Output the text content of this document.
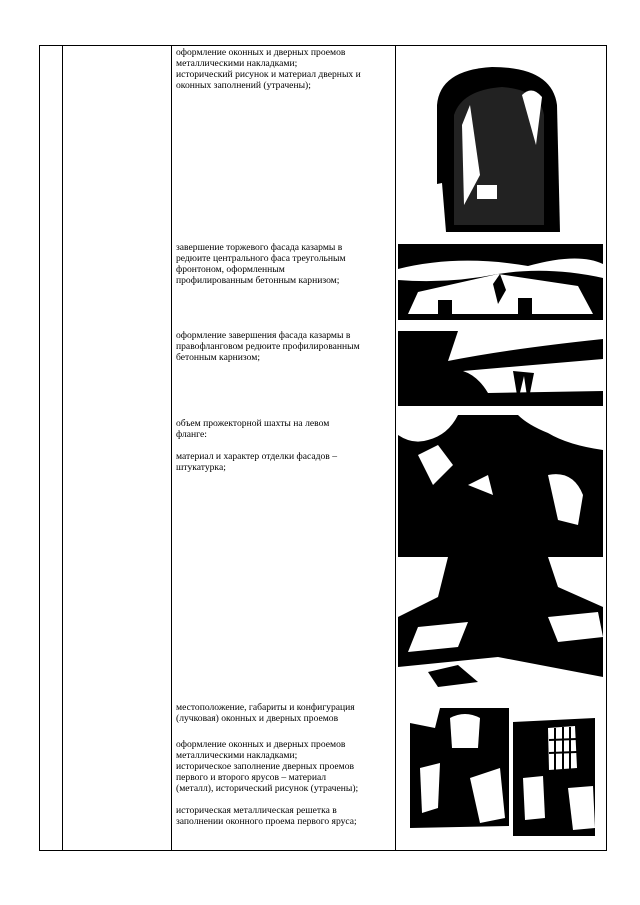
оформление оконных и дверных проемов

металлическими накладками;

исторический рисунок и материал дверных и

оконных заполнений (утрачены);

завершение торжевого фасада казармы в

редюите центрального фаса треугольным

фронтоном, оформленным

профилированным бетонным карнизом;

оформление завершения фасада казармы в

правофланговом редюите профилированным

бетонным карнизом;

объем прожекторной шахты на левом

фланге:

материал и характер отделки фасадов –

штукатурка;

местоположение, габариты и конфигурация

(лучковая) оконных и дверных проемов

оформление оконных и дверных проемов

металлическими накладками;

историческое заполнение дверных проемов

первого и второго ярусов – материал

(металл), исторический рисунок (утрачены);

историческая металлическая решетка в

заполнении оконного проема первого яруса;
